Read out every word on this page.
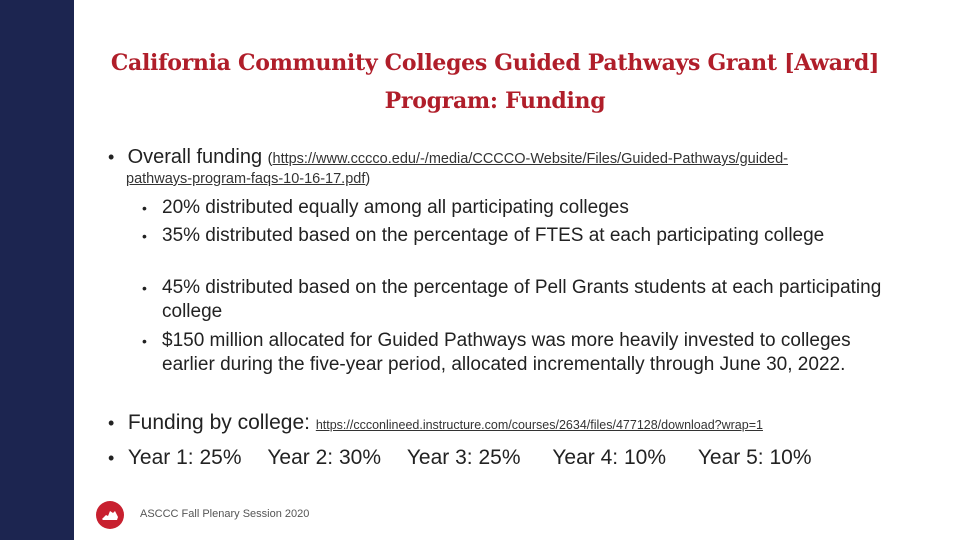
California Community Colleges Guided Pathways Grant [Award]
Program: Funding
• Overall funding (https://www.cccco.edu/-/media/CCCCO-Website/Files/Guided-Pathways/guided-
pathways-program-faqs-10-16-17.pdf)
• 20% distributed equally among all participating colleges
• 35% distributed based on the percentage of FTES at each participating college
• 45% distributed based on the percentage of Pell Grants students at each participating college
• $150 million allocated for Guided Pathways was more heavily invested to colleges earlier during the five-year period, allocated incrementally through June 30, 2022.
• Funding by college: https://ccconlineed.instructure.com/courses/2634/files/477128/download?wrap=1
• Year 1: 25% Year 2: 30% Year 3: 25% Year 4: 10% Year 5: 10%
ASCCC Fall Plenary Session 2020
